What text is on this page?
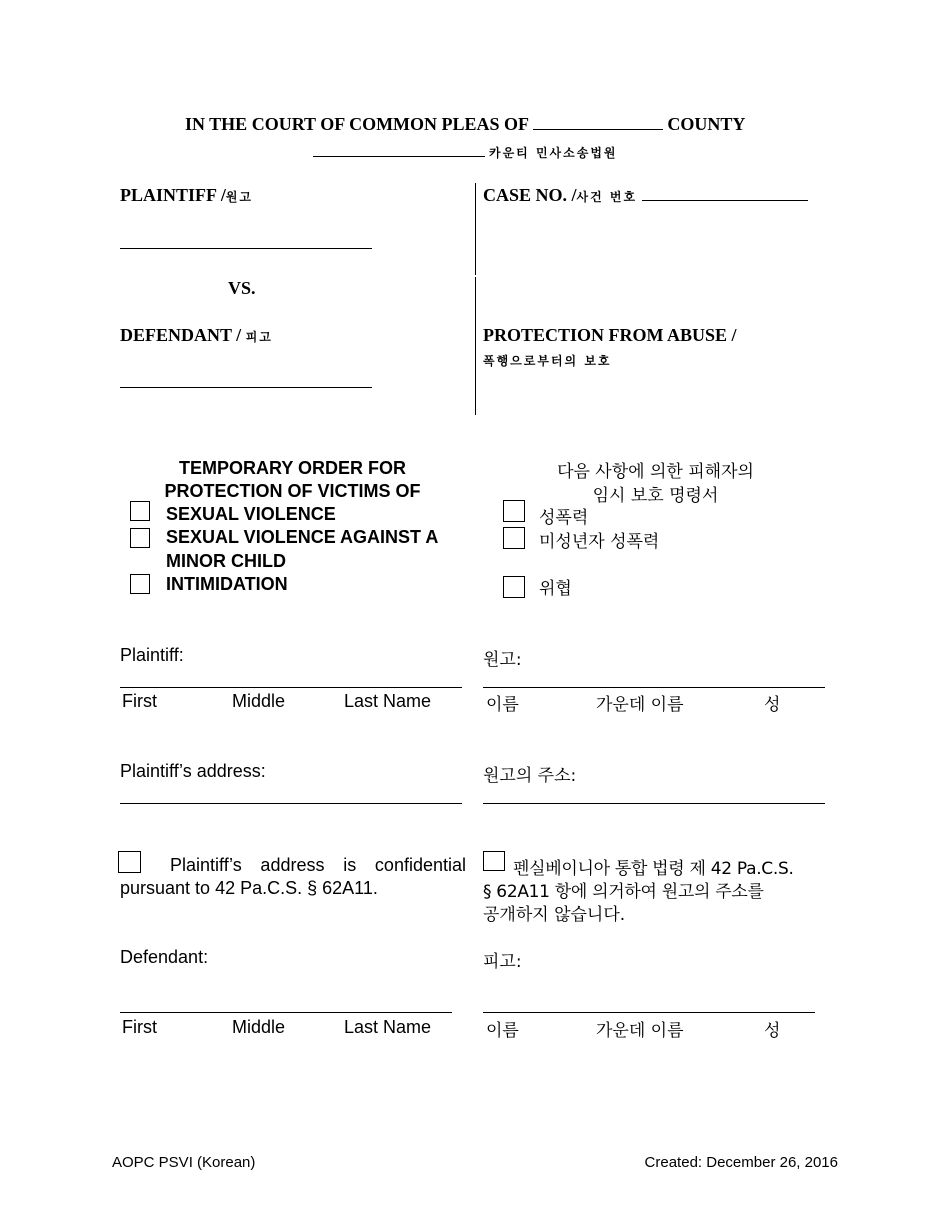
IN THE COURT OF COMMON PLEAS OF	COUNTY
카운티 민사소송법원
PLAINTIFF /원고
VS.
DEFENDANT / 피고
CASE NO. /사건 번호
PROTECTION FROM ABUSE /
폭행으로부터의 보호
TEMPORARY ORDER FOR
PROTECTION OF VICTIMS OF
다음 사항에 의한 피해자의
임시 보호 명령서
SEXUAL VIOLENCE
SEXUAL VIOLENCE AGAINST A
MINOR CHILD
INTIMIDATION
성폭력
미성년자 성폭력
위협
Plaintiff:	원고:
First	Middle	Last Name	이름	가운데 이름	성
Plaintiff’s address:	원고의 주소:
Plaintiff’s address is confidential
pursuant to 42 Pa.C.S. § 62A11.
펜실베이니아 통합 법령 제 42 Pa.C.S.
§ 62A11 항에 의거하여 원고의 주소를
공개하지 않습니다.
Defendant:	피고:
First	Middle	Last Name	이름	가운데 이름	성
AOPC PSVI (Korean)	Created: December 26, 2016
